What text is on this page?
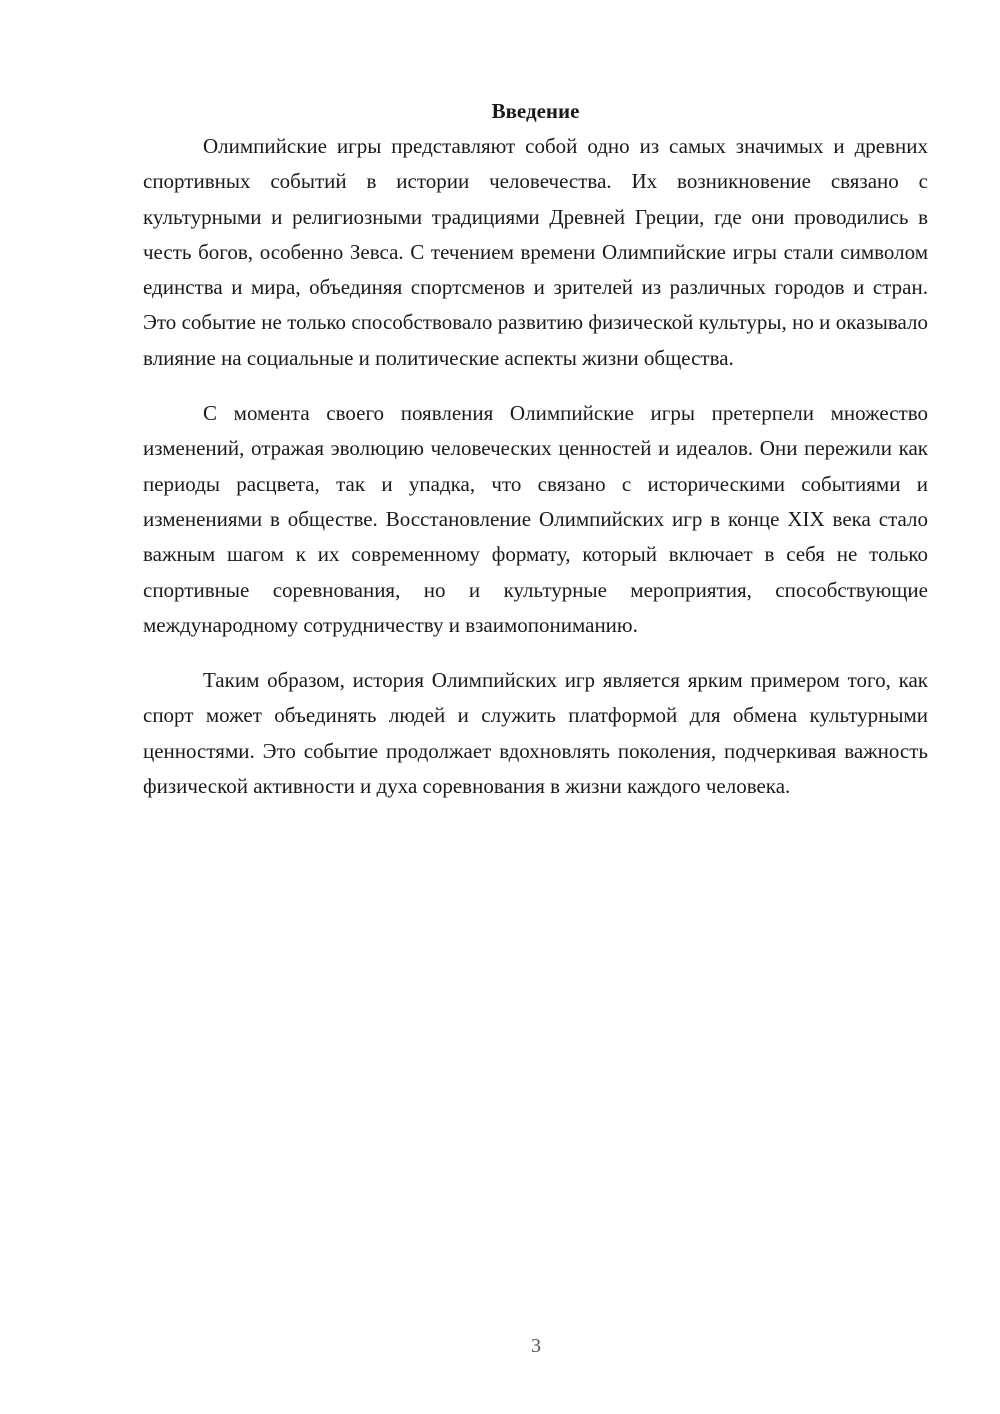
Введение

Олимпийские игры представляют собой одно из самых значимых и древних спортивных событий в истории человечества. Их возникновение связано с культурными и религиозными традициями Древней Греции, где они проводились в честь богов, особенно Зевса. С течением времени Олимпийские игры стали символом единства и мира, объединяя спортсменов и зрителей из различных городов и стран. Это событие не только способствовало развитию физической культуры, но и оказывало влияние на социальные и политические аспекты жизни общества.

С момента своего появления Олимпийские игры претерпели множество изменений, отражая эволюцию человеческих ценностей и идеалов. Они пережили как периоды расцвета, так и упадка, что связано с историческими событиями и изменениями в обществе. Восстановление Олимпийских игр в конце XIX века стало важным шагом к их современному формату, который включает в себя не только спортивные соревнования, но и культурные мероприятия, способствующие международному сотрудничеству и взаимопониманию.

Таким образом, история Олимпийских игр является ярким примером того, как спорт может объединять людей и служить платформой для обмена культурными ценностями. Это событие продолжает вдохновлять поколения, подчеркивая важность физической активности и духа соревнования в жизни каждого человека.

3
